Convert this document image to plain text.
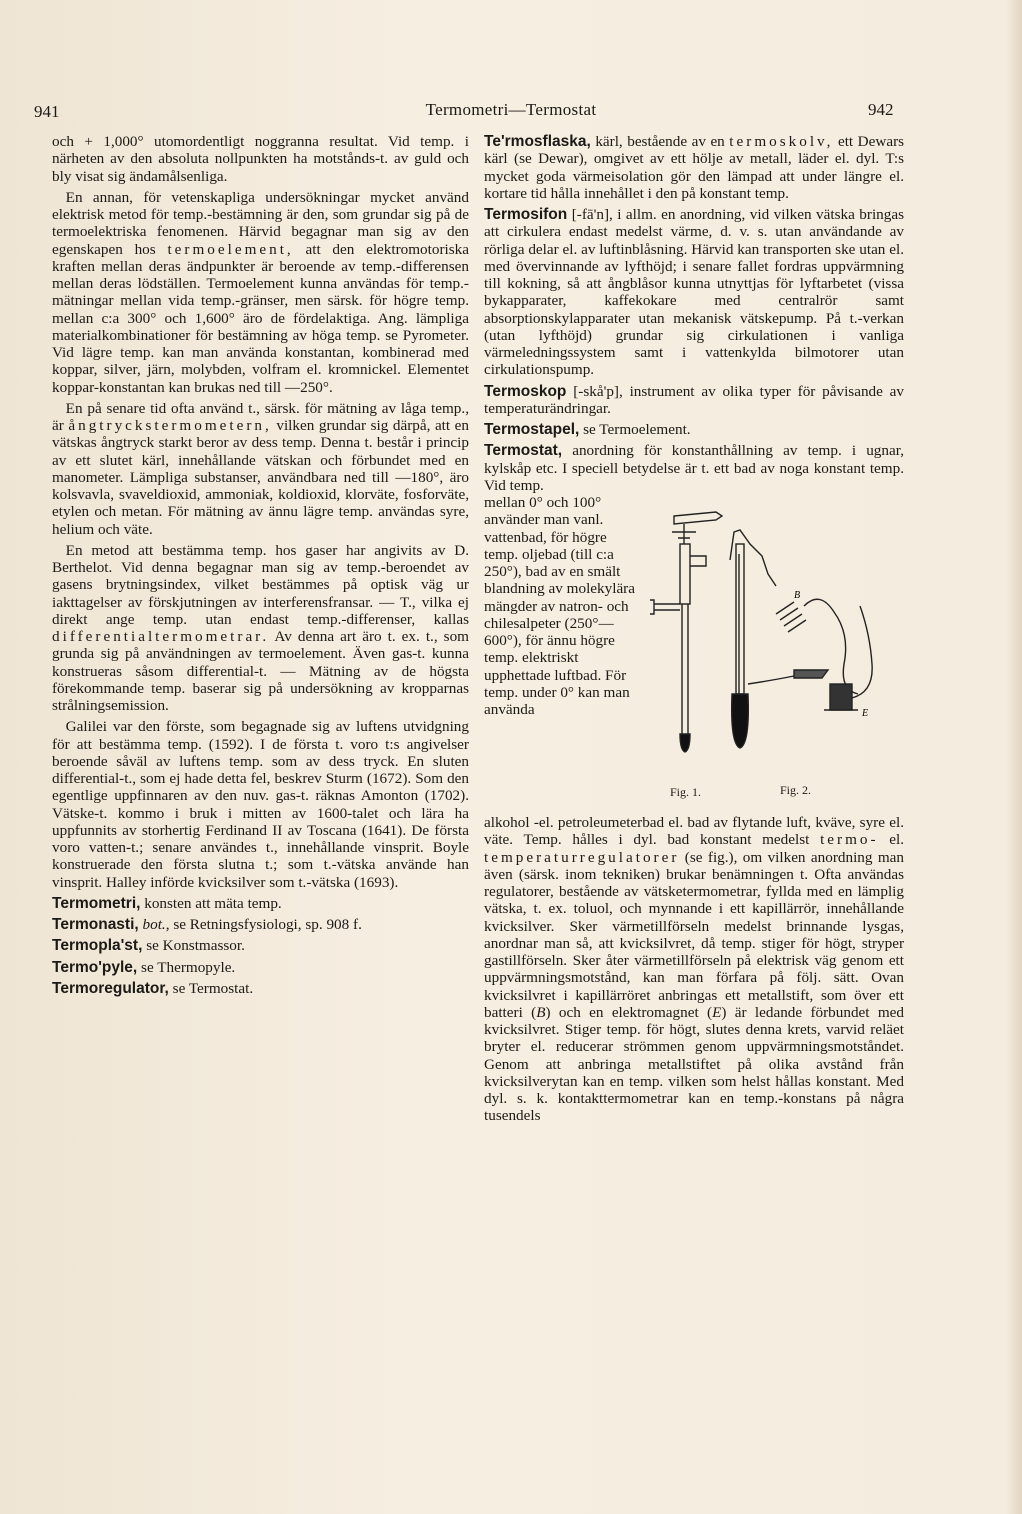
941	Termometri—Termostat	942

och + 1,000° utomordentligt noggranna resultat. Vid temp. i närheten av den absoluta nollpunkten ha motstånds-t. av guld och bly visat sig ändamålsenliga.

En annan, för vetenskapliga undersökningar mycket använd elektrisk metod för temp.-bestämning är den, som grundar sig på de termoelektriska fenomenen. Härvid begagnar man sig av den egenskapen hos termoelement, att den elektromotoriska kraften mellan deras ändpunkter är beroende av temp.-differensen mellan deras lödställen. Termoelement kunna användas för temp.-mätningar mellan vida temp.-gränser, men särsk. för högre temp. mellan c:a 300° och 1,600° äro de fördelaktiga. Ang. lämpliga materialkombinationer för bestämning av höga temp. se Pyrometer. Vid lägre temp. kan man använda konstantan, kombinerad med koppar, silver, järn, molybden, volfram el. kromnickel. Elementet koppar-konstantan kan brukas ned till —250°.

En på senare tid ofta använd t., särsk. för mätning av låga temp., är ångtryckstermometern, vilken grundar sig därpå, att en vätskas ångtryck starkt beror av dess temp. Denna t. består i princip av ett slutet kärl, innehållande vätskan och förbundet med en manometer. Lämpliga substanser, användbara ned till —180°, äro kolsvavla, svaveldioxid, ammoniak, koldioxid, klorväte, fosforväte, etylen och metan. För mätning av ännu lägre temp. användas syre, helium och väte.

En metod att bestämma temp. hos gaser har angivits av D. Berthelot. Vid denna begagnar man sig av temp.-beroendet av gasens brytningsindex, vilket bestämmes på optisk väg ur iakttagelser av förskjutningen av interferensfransar. — T., vilka ej direkt ange temp. utan endast temp.-differenser, kallas differentialtermometrar. Av denna art äro t. ex. t., som grunda sig på användningen av termoelement. Även gas-t. kunna konstrueras såsom differential-t. — Mätning av de högsta förekommande temp. baserar sig på undersökning av kropparnas strålningsemission.

Galilei var den förste, som begagnade sig av luftens utvidgning för att bestämma temp. (1592). I de första t. voro t:s angivelser beroende såväl av luftens temp. som av dess tryck. En sluten differential-t., som ej hade detta fel, beskrev Sturm (1672). Som den egentlige uppfinnaren av den nuv. gas-t. räknas Amonton (1702). Vätske-t. kommo i bruk i mitten av 1600-talet och lära ha uppfunnits av storhertig Ferdinand II av Toscana (1641). De första voro vatten-t.; senare användes t., innehållande vinsprit. Boyle konstruerade den första slutna t.; som t.-vätska använde han vinsprit. Halley införde kvicksilver som t.-vätska (1693).

Termometri, konsten att mäta temp.

Termonasti, bot., se Retningsfysiologi, sp. 908 f.

Termopla'st, se Konstmassor.

Termo'pyle, se Thermopyle.

Termoregulator, se Termostat.

Te'rmosflaska, kärl, bestående av en termoskolv, ett Dewars kärl (se Dewar), omgivet av ett hölje av metall, läder el. dyl. T:s mycket goda värmeisolation gör den lämpad att under längre el. kortare tid hålla innehållet i den på konstant temp.

Termosifon [-fā'n], i allm. en anordning, vid vilken vätska bringas att cirkulera endast medelst värme, d. v. s. utan användande av rörliga delar el. av luftinblåsning. Härvid kan transporten ske utan el. med övervinnande av lyfthöjd; i senare fallet fordras uppvärmning till kokning, så att ångblåsor kunna utnyttjas för lyftarbetet (vissa bykapparater, kaffekokare med centralrör samt absorptionskylapparater utan mekanisk vätskepump. På t.-verkan (utan lyfthöjd) grundar sig cirkulationen i vanliga värmeledningssystem samt i vattenkylda bilmotorer utan cirkulationspump.

Termoskop [-skå'p], instrument av olika typer för påvisande av temperaturändringar.

Termostapel, se Termoelement.

Termostat, anordning för konstanthållning av temp. i ugnar, kylskåp etc. I speciell betydelse är t. ett bad av noga konstant temp. Vid temp.

mellan 0° och 100° använder man vanl. vattenbad, för högre temp. oljebad (till c:a 250°), bad av en smält blandning av molekylära mängder av natron- och chilesalpeter (250°—600°), för ännu högre temp. elektriskt upphettade luftbad. För temp. under 0° kan man använda

B
E
Fig. 1.	Fig. 2.

alkohol -el. petroleumeterbad el. bad av flytande luft, kväve, syre el. väte. Temp. hålles i dyl. bad konstant medelst termo- el. temperaturregulatorer (se fig.), om vilken anordning man även (särsk. inom tekniken) brukar benämningen t. Ofta användas regulatorer, bestående av vätsketermometrar, fyllda med en lämplig vätska, t. ex. toluol, och mynnande i ett kapillärrör, innehållande kvicksilver. Sker värmetillförseln medelst brinnande lysgas, anordnar man så, att kvicksilvret, då temp. stiger för högt, stryper gastillförseln. Sker åter värmetillförseln på elektrisk väg genom ett uppvärmningsmotstånd, kan man förfara på följ. sätt. Ovan kvicksilvret i kapillärröret anbringas ett metallstift, som över ett batteri (B) och en elektromagnet (E) är ledande förbundet med kvicksilvret. Stiger temp. för högt, slutes denna krets, varvid reläet bryter el. reducerar strömmen genom uppvärmningsmotståndet. Genom att anbringa metallstiftet på olika avstånd från kvicksilverytan kan en temp. vilken som helst hållas konstant. Med dyl. s. k. kontakttermometrar kan en temp.-konstans på några tusendels
